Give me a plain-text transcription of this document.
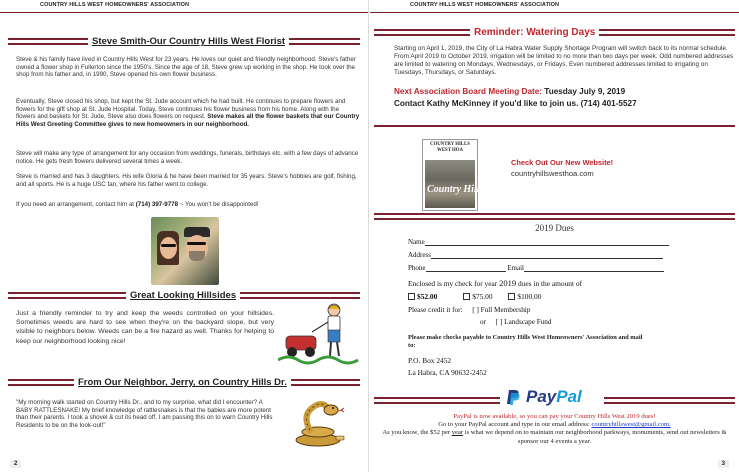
COUNTRY HILLS WEST HOMEOWNERS' ASSOCIATION
Steve Smith-Our Country Hills West Florist
Steve & his family have lived in Country Hills West for 23 years. He loves our quiet and friendly neighborhood. Steve's father owned a flower shop in Fullerton since the 1950's. Since the age of 18, Steve grew up working in the shop. He took over the shop from his father and, in 1990, Steve opened his own flower business.
Eventually, Steve closed his shop, but kept the St. Jude account which he had built. He continues to prepare flowers and flowers for the gift shop at St. Jude Hospital. Today, Steve continues his flower business from his home. Along with the flowers and baskets for St. Jude, Steve also does flowers on request. Steve makes all the flower baskets that our Country Hills West Greeting Committee gives to new homeowners in our neighborhood.
Steve will make any type of arrangement for any occasion from weddings, funerals, birthdays etc. with a few days of advance notice. He gets fresh flowers delivered several times a week.
Steve is married and has 3 daughters. His wife Gloria & he have been married for 35 years. Steve's hobbies are golf, fishing, and all sports. He is a huge USC fan, where his father went to college.
If you need an arrangement, contact him at (714) 397-9778 ~ You won't be disappointed!
Great Looking Hillsides
Just a friendly reminder to try and keep the weeds controlled on your hillsides. Sometimes weeds are hard to see when they're on the backyard slope, but very visible to neighbors below. Weeds can be a fire hazard as well. Thanks for helping to keep our neighborhood looking nice!
From Our Neighbor, Jerry, on Country Hills Dr.
"My morning walk started on Country Hills Dr., and to my surprise, what did I encounter? A BABY RATTLESNAKE! My brief knowledge of rattlesnakes is that the babies are more potent than their parents. I took a shovel & cut its head off. I am passing this on to warn Country Hills Residents to be on the look-out!"
2
COUNTRY HILLS WEST HOMEOWNERS' ASSOCIATION
Reminder: Watering Days
Starting on April 1, 2019, the City of La Habra Water Supply Shortage Program will switch back to its normal schedule. From April 2019 to October 2019, irrigation will be limited to no more than two days per week. Odd numbered addresses are limited to watering on Mondays, Wednesdays, or Fridays. Even numbered addresses limited to irrigating on Tuesdays, Thursdays, or Saturdays.
Next Association Board Meeting Date: Tuesday July 9, 2019
Contact Kathy McKinney if you'd like to join us. (714) 401-5527
COUNTRY HILLS WEST HOA
Country Hills
Check Out Our New Website!
countryhillswesthoa.com
2019 Dues
Name
Address
Phone	Email
Enclosed is my check for year 2019 dues in the amount of
$52.00	$75.00	$100.00
Please credit it for: [ ] Full Membership
or [ ] Landscape Fund
Please make checks payable to Country Hills West Homeowners' Association and mail to:
P.O. Box 2452
La Habra, CA 90632-2452
PayPal
PayPal is now available, so you can pay your Country Hills West 2019 dues!
Go to your PayPal account and type in our email address: countryhillswest@gmail.com.
As you know, the $52 per year is what we depend on to maintain our neighborhood parkways, monuments, send out newsletters & sponsor our 4 events a year.
3
